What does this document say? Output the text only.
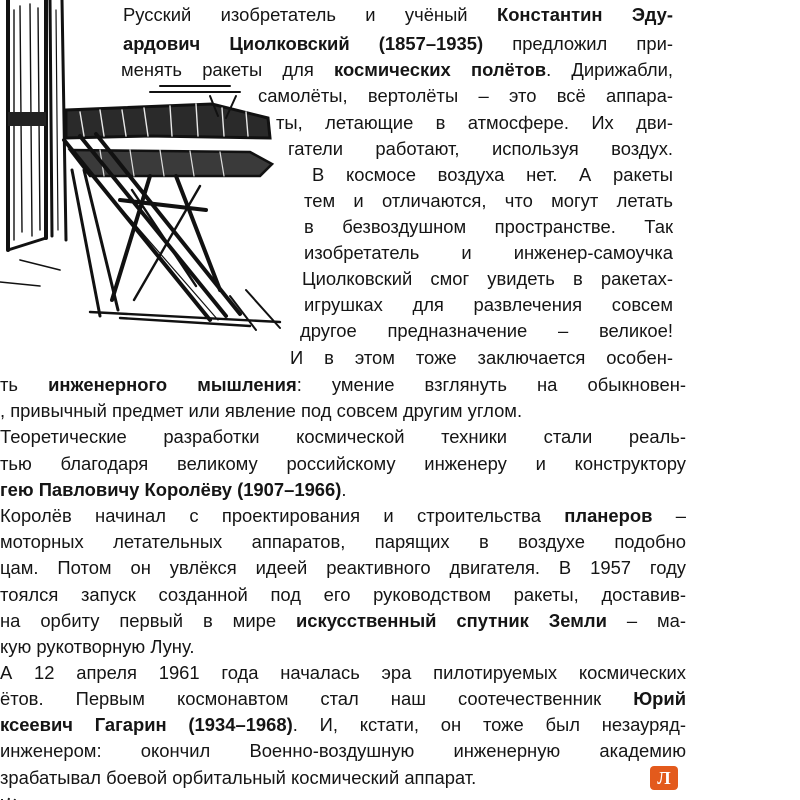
Русский изобретатель и учёный Константин Эду-
ардович Циолковский (1857–1935) предложил при-
менять ракеты для космических полётов. Дирижабли,
самолёты, вертолёты – это всё аппара-
ты, летающие в атмосфере. Их дви-
гатели работают, используя воздух.
В космосе воздуха нет. А ракеты
тем и отличаются, что могут летать
в безвоздушном пространстве. Так
изобретатель и инженер-самоучка
Циолковский смог увидеть в ракетах-
игрушках для развлечения совсем
другое предназначение – великое!
И в этом тоже заключается особен-
ть инженерного мышления: умение взглянуть на обыкновен-
, привычный предмет или явление под совсем другим углом.
Теоретические разработки космической техники стали реаль-
тью благодаря великому российскому инженеру и конструктору
гею Павловичу Королёву (1907–1966).
Королёв начинал с проектирования и строительства планеров –
моторных летательных аппаратов, парящих в воздухе подобно
цам. Потом он увлёкся идеей реактивного двигателя. В 1957 году
тоялся запуск созданной под его руководством ракеты, доставив-
на орбиту первый в мире искусственный спутник Земли – ма-
кую рукотворную Луну.
А 12 апреля 1961 года началась эра пилотируемых космических
ётов. Первым космонавтом стал наш соотечественник Юрий
ксеевич Гагарин (1934–1968). И, кстати, он тоже был незауряд-
инженером: окончил Военно-воздушную инженерную академию
зрабатывал боевой орбитальный космический аппарат.	Л
